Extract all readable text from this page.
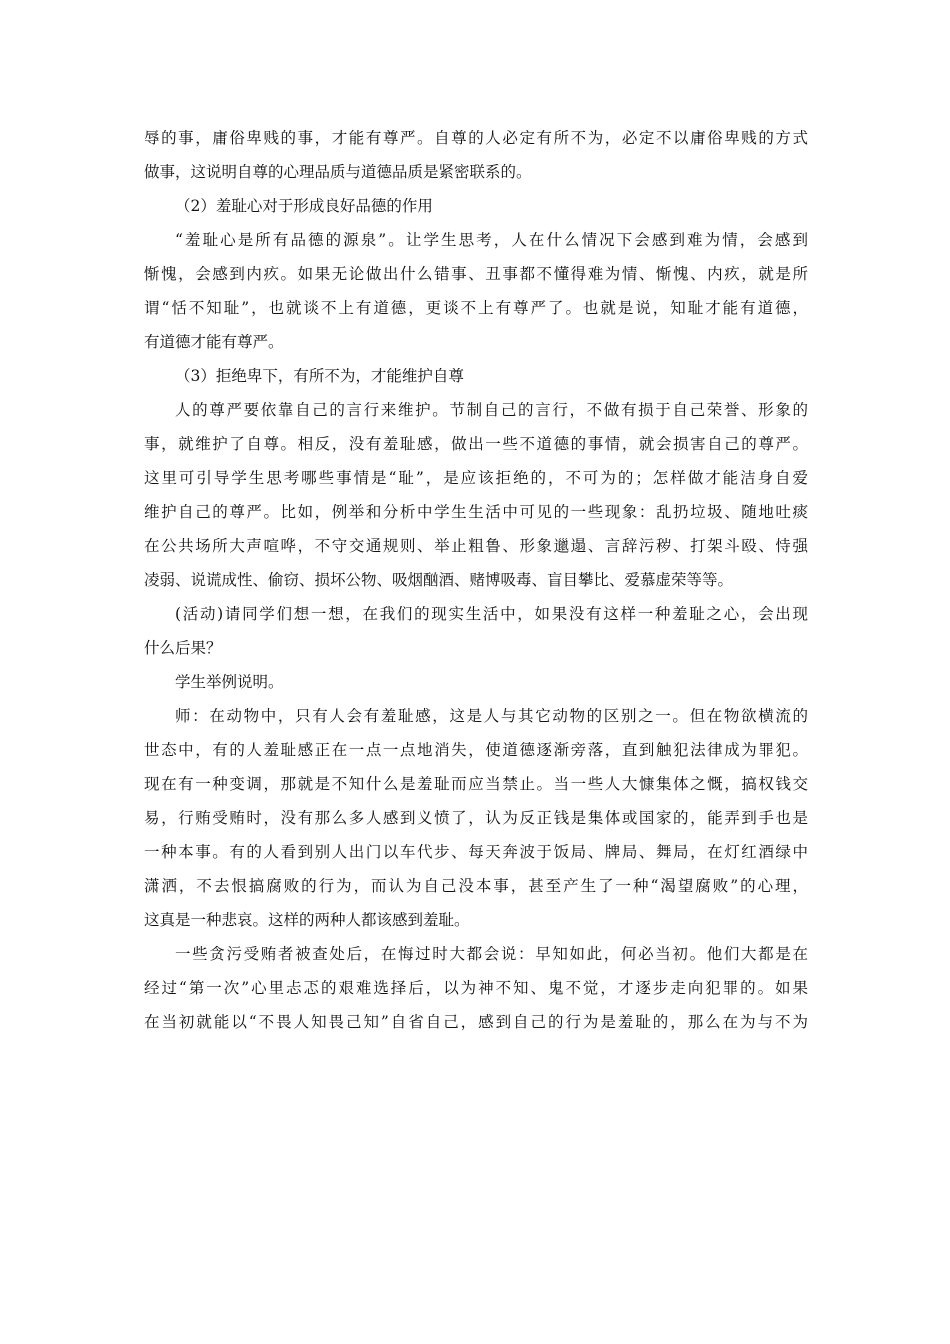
辱的事，庸俗卑贱的事，才能有尊严。自尊的人必定有所不为，必定不以庸俗卑贱的方式
做事，这说明自尊的心理品质与道德品质是紧密联系的。
（2）羞耻心对于形成良好品德的作用
“羞耻心是所有品德的源泉”。让学生思考，人在什么情况下会感到难为情，会感到
惭愧，会感到内疚。如果无论做出什么错事、丑事都不懂得难为情、惭愧、内疚，就是所
谓“恬不知耻”，也就谈不上有道德，更谈不上有尊严了。也就是说，知耻才能有道德，
有道德才能有尊严。
（3）拒绝卑下，有所不为，才能维护自尊
人的尊严要依靠自己的言行来维护。节制自己的言行，不做有损于自己荣誉、形象的
事，就维护了自尊。相反，没有羞耻感，做出一些不道德的事情，就会损害自己的尊严。
这里可引导学生思考哪些事情是“耻”，是应该拒绝的，不可为的；怎样做才能洁身自爱
维护自己的尊严。比如，例举和分析中学生生活中可见的一些现象：乱扔垃圾、随地吐痰
在公共场所大声喧哗，不守交通规则、举止粗鲁、形象邋遢、言辞污秽、打架斗殴、恃强
凌弱、说谎成性、偷窃、损坏公物、吸烟酗酒、赌博吸毒、盲目攀比、爱慕虚荣等等。
(活动)请同学们想一想，在我们的现实生活中，如果没有这样一种羞耻之心，会出现
什么后果？
学生举例说明。
师：在动物中，只有人会有羞耻感，这是人与其它动物的区别之一。但在物欲横流的
世态中，有的人羞耻感正在一点一点地消失，使道德逐渐旁落，直到触犯法律成为罪犯。
现在有一种变调，那就是不知什么是羞耻而应当禁止。当一些人大慷集体之慨，搞权钱交
易，行贿受贿时，没有那么多人感到义愤了，认为反正钱是集体或国家的，能弄到手也是
一种本事。有的人看到别人出门以车代步、每天奔波于饭局、牌局、舞局，在灯红酒绿中
潇洒，不去恨搞腐败的行为，而认为自己没本事，甚至产生了一种“渴望腐败”的心理，
这真是一种悲哀。这样的两种人都该感到羞耻。
一些贪污受贿者被查处后，在悔过时大都会说：早知如此，何必当初。他们大都是在
经过“第一次”心里忐忑的艰难选择后，以为神不知、鬼不觉，才逐步走向犯罪的。如果
在当初就能以“不畏人知畏己知”自省自己，感到自己的行为是羞耻的，那么在为与不为
